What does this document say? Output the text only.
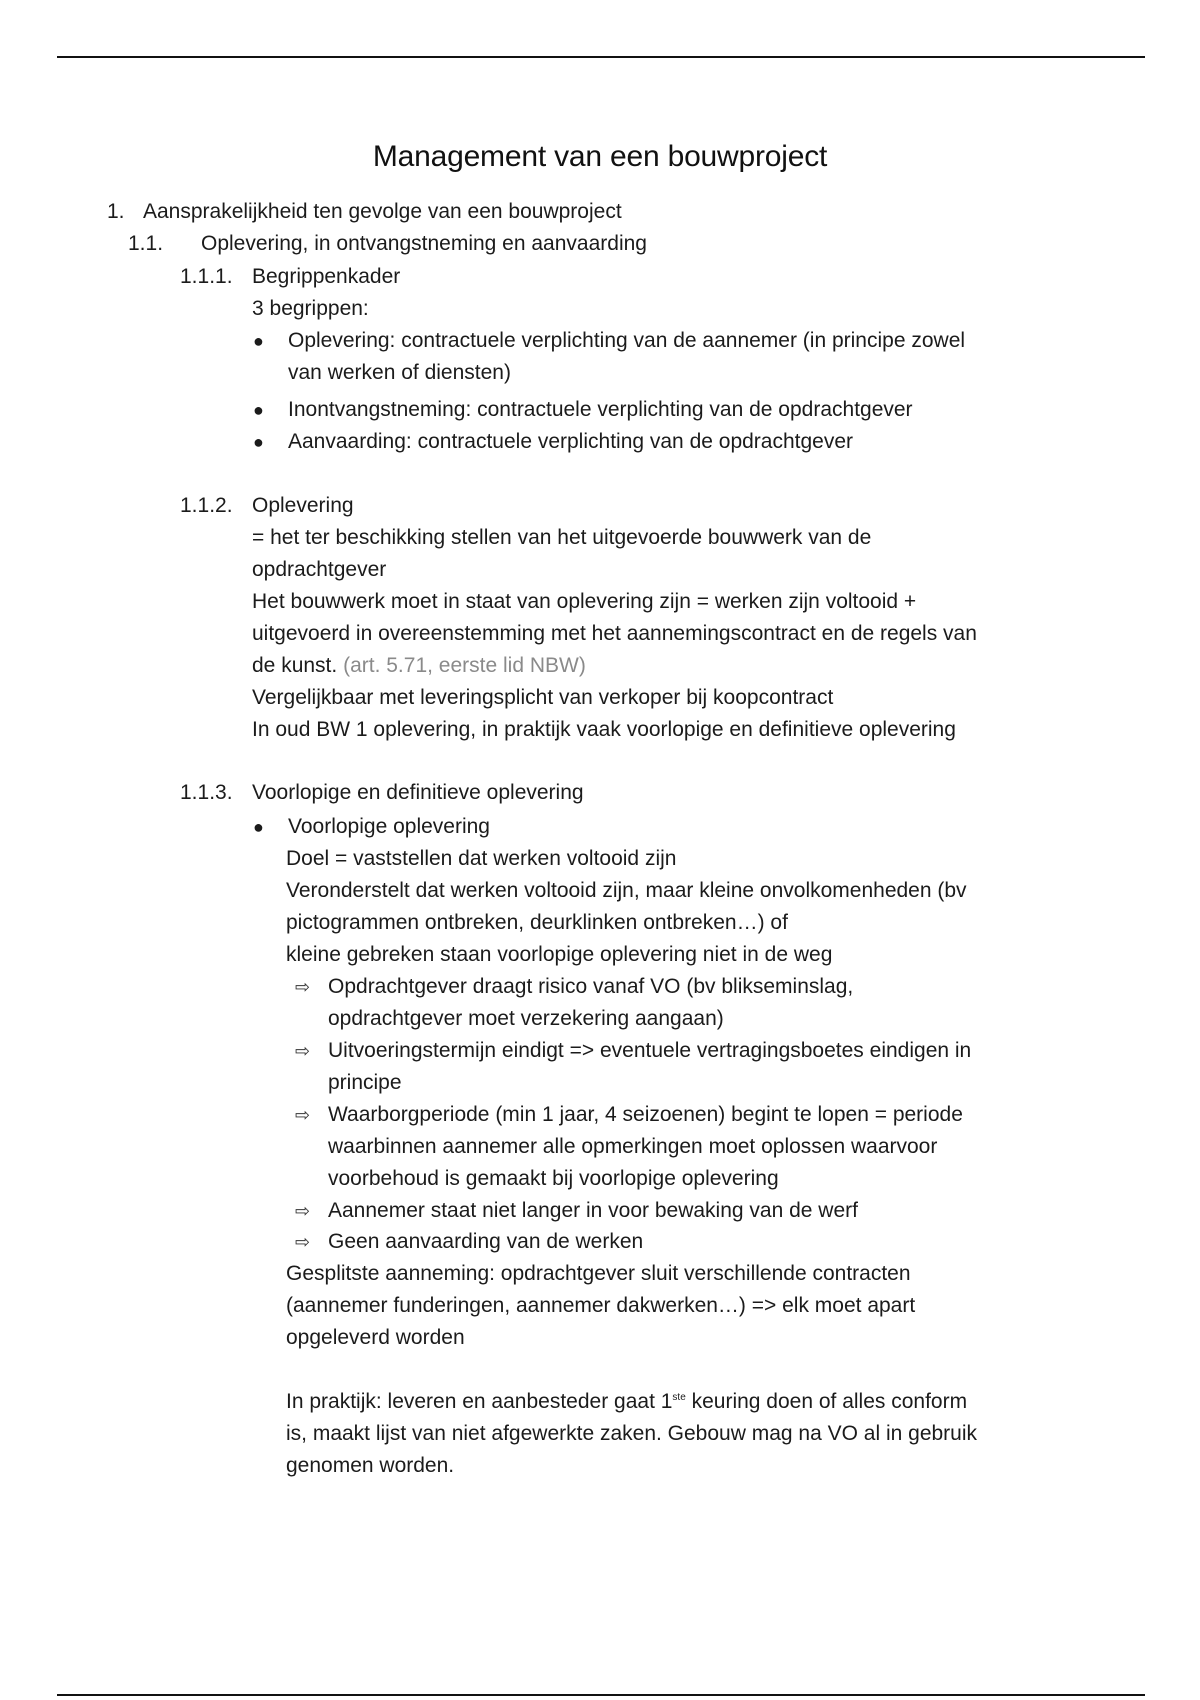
Management van een bouwproject
1. Aansprakelijkheid ten gevolge van een bouwproject
1.1. Oplevering, in ontvangstneming en aanvaarding
1.1.1. Begrippenkader
3 begrippen:
● Oplevering: contractuele verplichting van de aannemer (in principe zowel
van werken of diensten)
● Inontvangstneming: contractuele verplichting van de opdrachtgever
● Aanvaarding: contractuele verplichting van de opdrachtgever
1.1.2. Oplevering
= het ter beschikking stellen van het uitgevoerde bouwwerk van de
opdrachtgever
Het bouwwerk moet in staat van oplevering zijn = werken zijn voltooid +
uitgevoerd in overeenstemming met het aannemingscontract en de regels van
de kunst. (art. 5.71, eerste lid NBW)
Vergelijkbaar met leveringsplicht van verkoper bij koopcontract
In oud BW 1 oplevering, in praktijk vaak voorlopige en definitieve oplevering
1.1.3. Voorlopige en definitieve oplevering
● Voorlopige oplevering
Doel = vaststellen dat werken voltooid zijn
Veronderstelt dat werken voltooid zijn, maar kleine onvolkomenheden (bv
pictogrammen ontbreken, deurklinken ontbreken…) of
kleine gebreken staan voorlopige oplevering niet in de weg
⇨ Opdrachtgever draagt risico vanaf VO (bv blikseminslag,
opdrachtgever moet verzekering aangaan)
⇨ Uitvoeringstermijn eindigt => eventuele vertragingsboetes eindigen in
principe
⇨ Waarborgperiode (min 1 jaar, 4 seizoenen) begint te lopen = periode
waarbinnen aannemer alle opmerkingen moet oplossen waarvoor
voorbehoud is gemaakt bij voorlopige oplevering
⇨ Aannemer staat niet langer in voor bewaking van de werf
⇨ Geen aanvaarding van de werken
Gesplitste aanneming: opdrachtgever sluit verschillende contracten
(aannemer funderingen, aannemer dakwerken…) => elk moet apart
opgeleverd worden
In praktijk: leveren en aanbesteder gaat 1ste keuring doen of alles conform
is, maakt lijst van niet afgewerkte zaken. Gebouw mag na VO al in gebruik
genomen worden.
